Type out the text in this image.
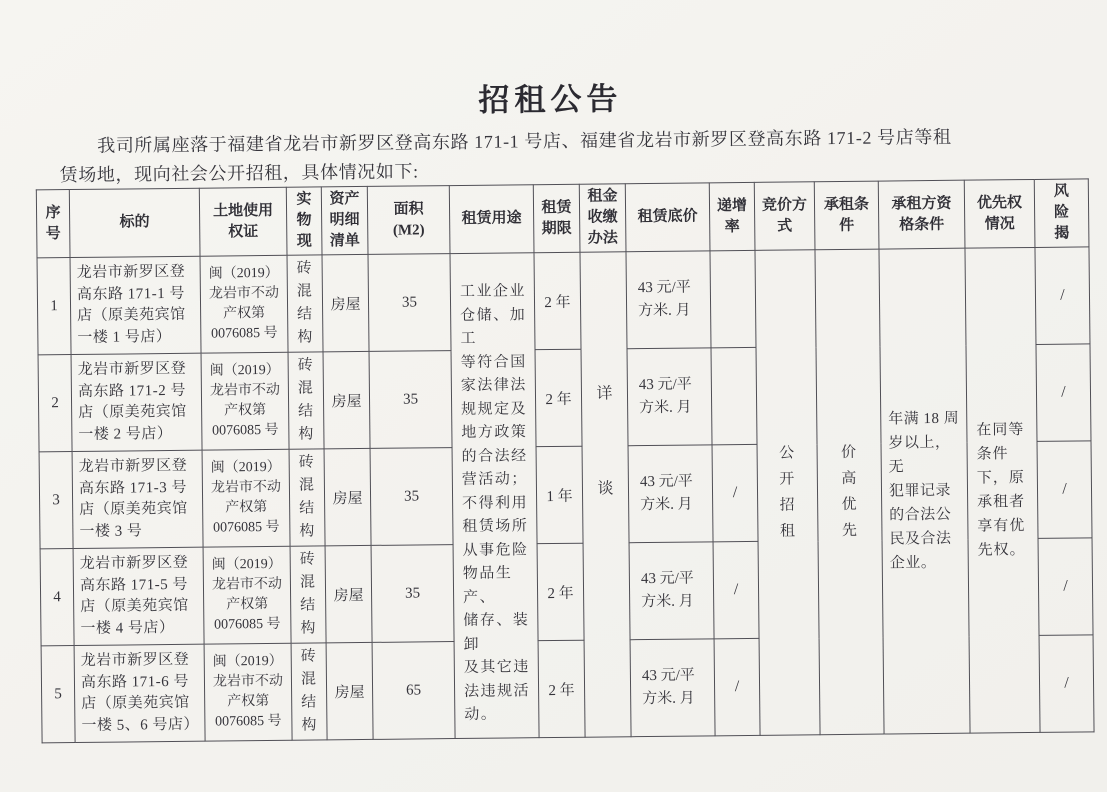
招租公告

我司所属座落于福建省龙岩市新罗区登高东路 171-1 号店、福建省龙岩市新罗区登高东路 171-2 号店等租

赁场地，现向社会公开招租，具体情况如下:

序
号	标的	土地使用
权证	实
物
现	资产
明细
清单	面积
(M2)	租赁用途	租赁
期限	租金
收缴
办法	租赁底价	递增
率	竞价方
式	承租条
件	承租方资
格条件	优先权
情况	风
险
揭
1	龙岩市新罗区登
高东路 171-1 号
店（原美苑宾馆
一楼 1 号店）	闽（2019）
龙岩市不动
产权第
0076085 号	砖
混
结
构	房屋	35	工业企业
仓储、加工
等符合国
家法律法
规规定及
地方政策
的合法经
营活动；
不得利用
租赁场所
从事危险
物品生产、
储存、装卸
及其它违
法违规活
动。	2 年	详
谈	43 元/平
方米. 月		公
开
招
租	价
高
优
先	年满 18 周
岁以上，无
犯罪记录
的合法公
民及合法
企业。	在同等
条件
下，原
承租者
享有优
先权。	/
2	龙岩市新罗区登
高东路 171-2 号
店（原美苑宾馆
一楼 2 号店）	闽（2019）
龙岩市不动
产权第
0076085 号	砖
混
结
构	房屋	35		2 年		43 元/平
方米. 月						/
3	龙岩市新罗区登
高东路 171-3 号
店（原美苑宾馆
一楼 3 号	闽（2019）
龙岩市不动
产权第
0076085 号	砖
混
结
构	房屋	35		1 年		43 元/平
方米. 月	/					/
4	龙岩市新罗区登
高东路 171-5 号
店（原美苑宾馆
一楼 4 号店）	闽（2019）
龙岩市不动
产权第
0076085 号	砖
混
结
构	房屋	35		2 年		43 元/平
方米. 月	/					/
5	龙岩市新罗区登
高东路 171-6 号
店（原美苑宾馆
一楼 5、6 号店）	闽（2019）
龙岩市不动
产权第
0076085 号	砖
混
结
构	房屋	65		2 年		43 元/平
方米. 月	/					/
